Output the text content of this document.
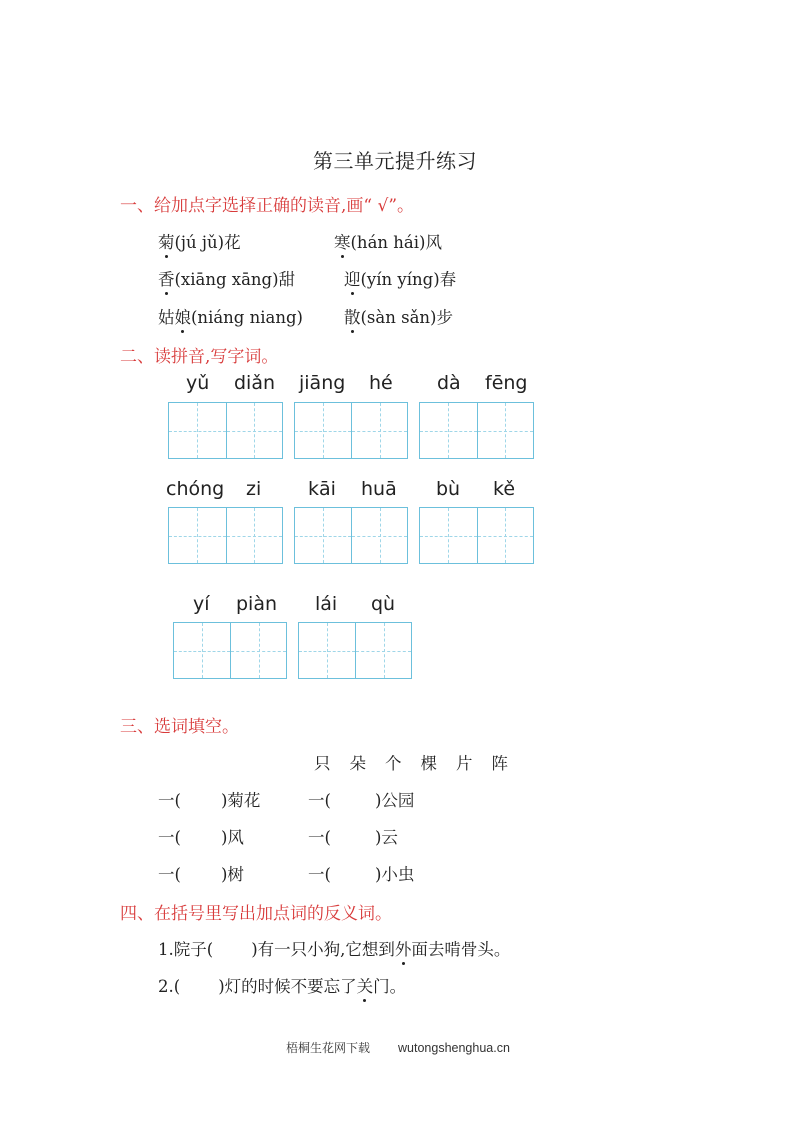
第三单元提升练习
一、给加点字选择正确的读音,画“ √”。
菊(jú jǔ)花	寒(hán hái)风
香(xiāng xāng)甜	迎(yín yíng)春
姑娘(niáng niang) 散(sàn sǎn)步
二、读拼音,写字词。
yǔ diǎn jiāng hé dà fēng
chóng zi kāi huā bù kě
yí piàn lái qù
三、选词填空。
只 朵 个 棵 片 阵
一( )菊花	一(	)公园
一( )风	一(	)云
一( )树	一(	)小虫
四、在括号里写出加点词的反义词。
1.院子( )有一只小狗,它想到外面去啃骨头。
2.( )灯的时候不要忘了关门。
梧桐生花网下载 wutongshenghua.cn
